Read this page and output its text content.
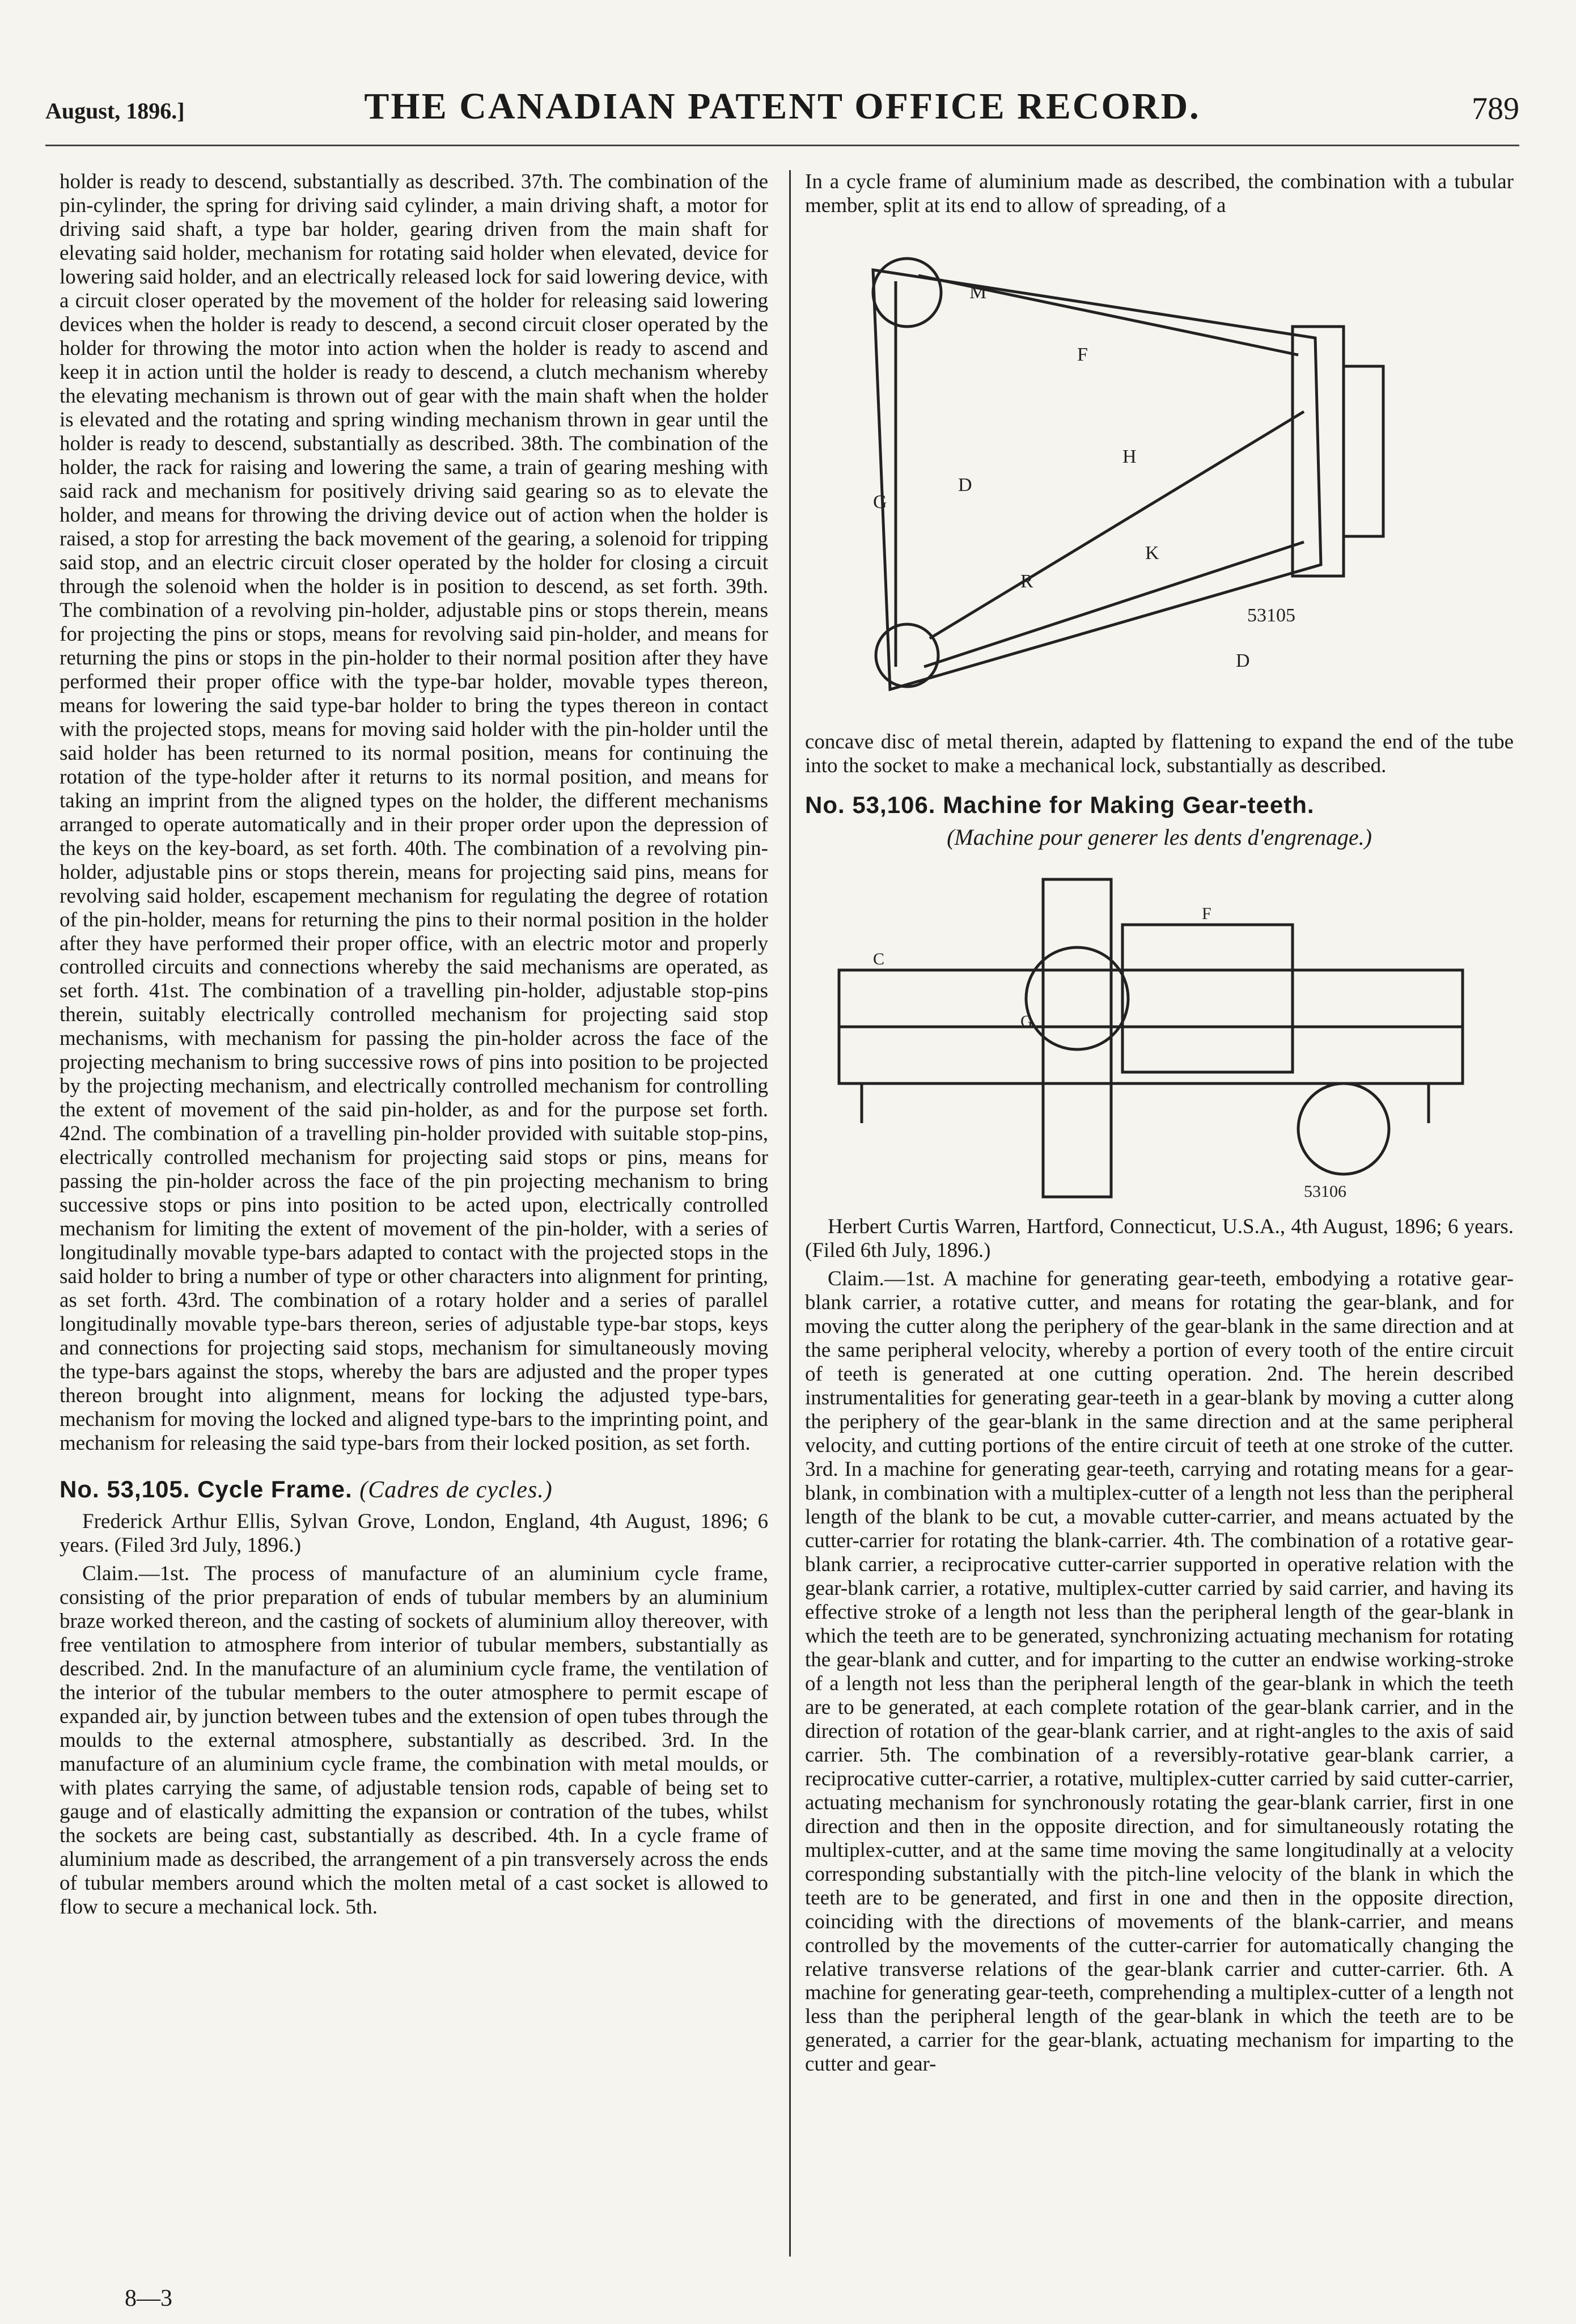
August, 1896.]	THE CANADIAN PATENT OFFICE RECORD.	789

holder is ready to descend, substantially as described. 37th. The combination of the pin-cylinder, the spring for driving said cylinder, a main driving shaft, a motor for driving said shaft, a type bar holder, gearing driven from the main shaft for elevating said holder, mechanism for rotating said holder when elevated, device for lowering said holder, and an electrically released lock for said lowering device, with a circuit closer operated by the movement of the holder for releasing said lowering devices when the holder is ready to descend, a second circuit closer operated by the holder for throwing the motor into action when the holder is ready to ascend and keep it in action until the holder is ready to descend, a clutch mechanism whereby the elevating mechanism is thrown out of gear with the main shaft when the holder is elevated and the rotating and spring winding mechanism thrown in gear until the holder is ready to descend, substantially as described. 38th. The combination of the holder, the rack for raising and lowering the same, a train of gearing meshing with said rack and mechanism for positively driving said gearing so as to elevate the holder, and means for throwing the driving device out of action when the holder is raised, a stop for arresting the back movement of the gearing, a solenoid for tripping said stop, and an electric circuit closer operated by the holder for closing a circuit through the solenoid when the holder is in position to descend, as set forth. 39th. The combination of a revolving pin-holder, adjustable pins or stops therein, means for projecting the pins or stops, means for revolving said pin-holder, and means for returning the pins or stops in the pin-holder to their normal position after they have performed their proper office with the type-bar holder, movable types thereon, means for lowering the said type-bar holder to bring the types thereon in contact with the projected stops, means for moving said holder with the pin-holder until the said holder has been returned to its normal position, means for continuing the rotation of the type-holder after it returns to its normal position, and means for taking an imprint from the aligned types on the holder, the different mechanisms arranged to operate automatically and in their proper order upon the depression of the keys on the key-board, as set forth. 40th. The combination of a revolving pin-holder, adjustable pins or stops therein, means for projecting said pins, means for revolving said holder, escapement mechanism for regulating the degree of rotation of the pin-holder, means for returning the pins to their normal position in the holder after they have performed their proper office, with an electric motor and properly controlled circuits and connections whereby the said mechanisms are operated, as set forth. 41st. The combination of a travelling pin-holder, adjustable stop-pins therein, suitably electrically controlled mechanism for projecting said stop mechanisms, with mechanism for passing the pin-holder across the face of the projecting mechanism to bring successive rows of pins into position to be projected by the projecting mechanism, and electrically controlled mechanism for controlling the extent of movement of the said pin-holder, as and for the purpose set forth. 42nd. The combination of a travelling pin-holder provided with suitable stop-pins, electrically controlled mechanism for projecting said stops or pins, means for passing the pin-holder across the face of the pin projecting mechanism to bring successive stops or pins into position to be acted upon, electrically controlled mechanism for limiting the extent of movement of the pin-holder, with a series of longitudinally movable type-bars adapted to contact with the projected stops in the said holder to bring a number of type or other characters into alignment for printing, as set forth. 43rd. The combination of a rotary holder and a series of parallel longitudinally movable type-bars thereon, series of adjustable type-bar stops, keys and connections for projecting said stops, mechanism for simultaneously moving the type-bars against the stops, whereby the bars are adjusted and the proper types thereon brought into alignment, means for locking the adjusted type-bars, mechanism for moving the locked and aligned type-bars to the imprinting point, and mechanism for releasing the said type-bars from their locked position, as set forth.

No. 53,105. Cycle Frame. (Cadres de cycles.)

Frederick Arthur Ellis, Sylvan Grove, London, England, 4th August, 1896; 6 years. (Filed 3rd July, 1896.)

Claim.—1st. The process of manufacture of an aluminium cycle frame, consisting of the prior preparation of ends of tubular members by an aluminium braze worked thereon, and the casting of sockets of aluminium alloy thereover, with free ventilation to atmosphere from interior of tubular members, substantially as described. 2nd. In the manufacture of an aluminium cycle frame, the ventilation of the interior of the tubular members to the outer atmosphere to permit escape of expanded air, by junction between tubes and the extension of open tubes through the moulds to the external atmosphere, substantially as described. 3rd. In the manufacture of an aluminium cycle frame, the combination with metal moulds, or with plates carrying the same, of adjustable tension rods, capable of being set to gauge and of elastically admitting the expansion or contration of the tubes, whilst the sockets are being cast, substantially as described. 4th. In a cycle frame of aluminium made as described, the arrangement of a pin transversely across the ends of tubular members around which the molten metal of a cast socket is allowed to flow to secure a mechanical lock. 5th.

8—3

In a cycle frame of aluminium made as described, the combination with a tubular member, split at its end to allow of spreading, of a

M
F
H
D
G
K
R
D
53105

concave disc of metal therein, adapted by flattening to expand the end of the tube into the socket to make a mechanical lock, substantially as described.

No. 53,106. Machine for Making Gear-teeth.

(Machine pour generer les dents d'engrenage.)

C
G
F
53106

Herbert Curtis Warren, Hartford, Connecticut, U.S.A., 4th August, 1896; 6 years. (Filed 6th July, 1896.)

Claim.—1st. A machine for generating gear-teeth, embodying a rotative gear-blank carrier, a rotative cutter, and means for rotating the gear-blank, and for moving the cutter along the periphery of the gear-blank in the same direction and at the same peripheral velocity, whereby a portion of every tooth of the entire circuit of teeth is generated at one cutting operation. 2nd. The herein described instrumentalities for generating gear-teeth in a gear-blank by moving a cutter along the periphery of the gear-blank in the same direction and at the same peripheral velocity, and cutting portions of the entire circuit of teeth at one stroke of the cutter. 3rd. In a machine for generating gear-teeth, carrying and rotating means for a gear-blank, in combination with a multiplex-cutter of a length not less than the peripheral length of the blank to be cut, a movable cutter-carrier, and means actuated by the cutter-carrier for rotating the blank-carrier. 4th. The combination of a rotative gear-blank carrier, a reciprocative cutter-carrier supported in operative relation with the gear-blank carrier, a rotative, multiplex-cutter carried by said carrier, and having its effective stroke of a length not less than the peripheral length of the gear-blank in which the teeth are to be generated, synchronizing actuating mechanism for rotating the gear-blank and cutter, and for imparting to the cutter an endwise working-stroke of a length not less than the peripheral length of the gear-blank in which the teeth are to be generated, at each complete rotation of the gear-blank carrier, and in the direction of rotation of the gear-blank carrier, and at right-angles to the axis of said carrier. 5th. The combination of a reversibly-rotative gear-blank carrier, a reciprocative cutter-carrier, a rotative, multiplex-cutter carried by said cutter-carrier, actuating mechanism for synchronously rotating the gear-blank carrier, first in one direction and then in the opposite direction, and for simultaneously rotating the multiplex-cutter, and at the same time moving the same longitudinally at a velocity corresponding substantially with the pitch-line velocity of the blank in which the teeth are to be generated, and first in one and then in the opposite direction, coinciding with the directions of movements of the blank-carrier, and means controlled by the movements of the cutter-carrier for automatically changing the relative transverse relations of the gear-blank carrier and cutter-carrier. 6th. A machine for generating gear-teeth, comprehending a multiplex-cutter of a length not less than the peripheral length of the gear-blank in which the teeth are to be generated, a carrier for the gear-blank, actuating mechanism for imparting to the cutter and gear-
